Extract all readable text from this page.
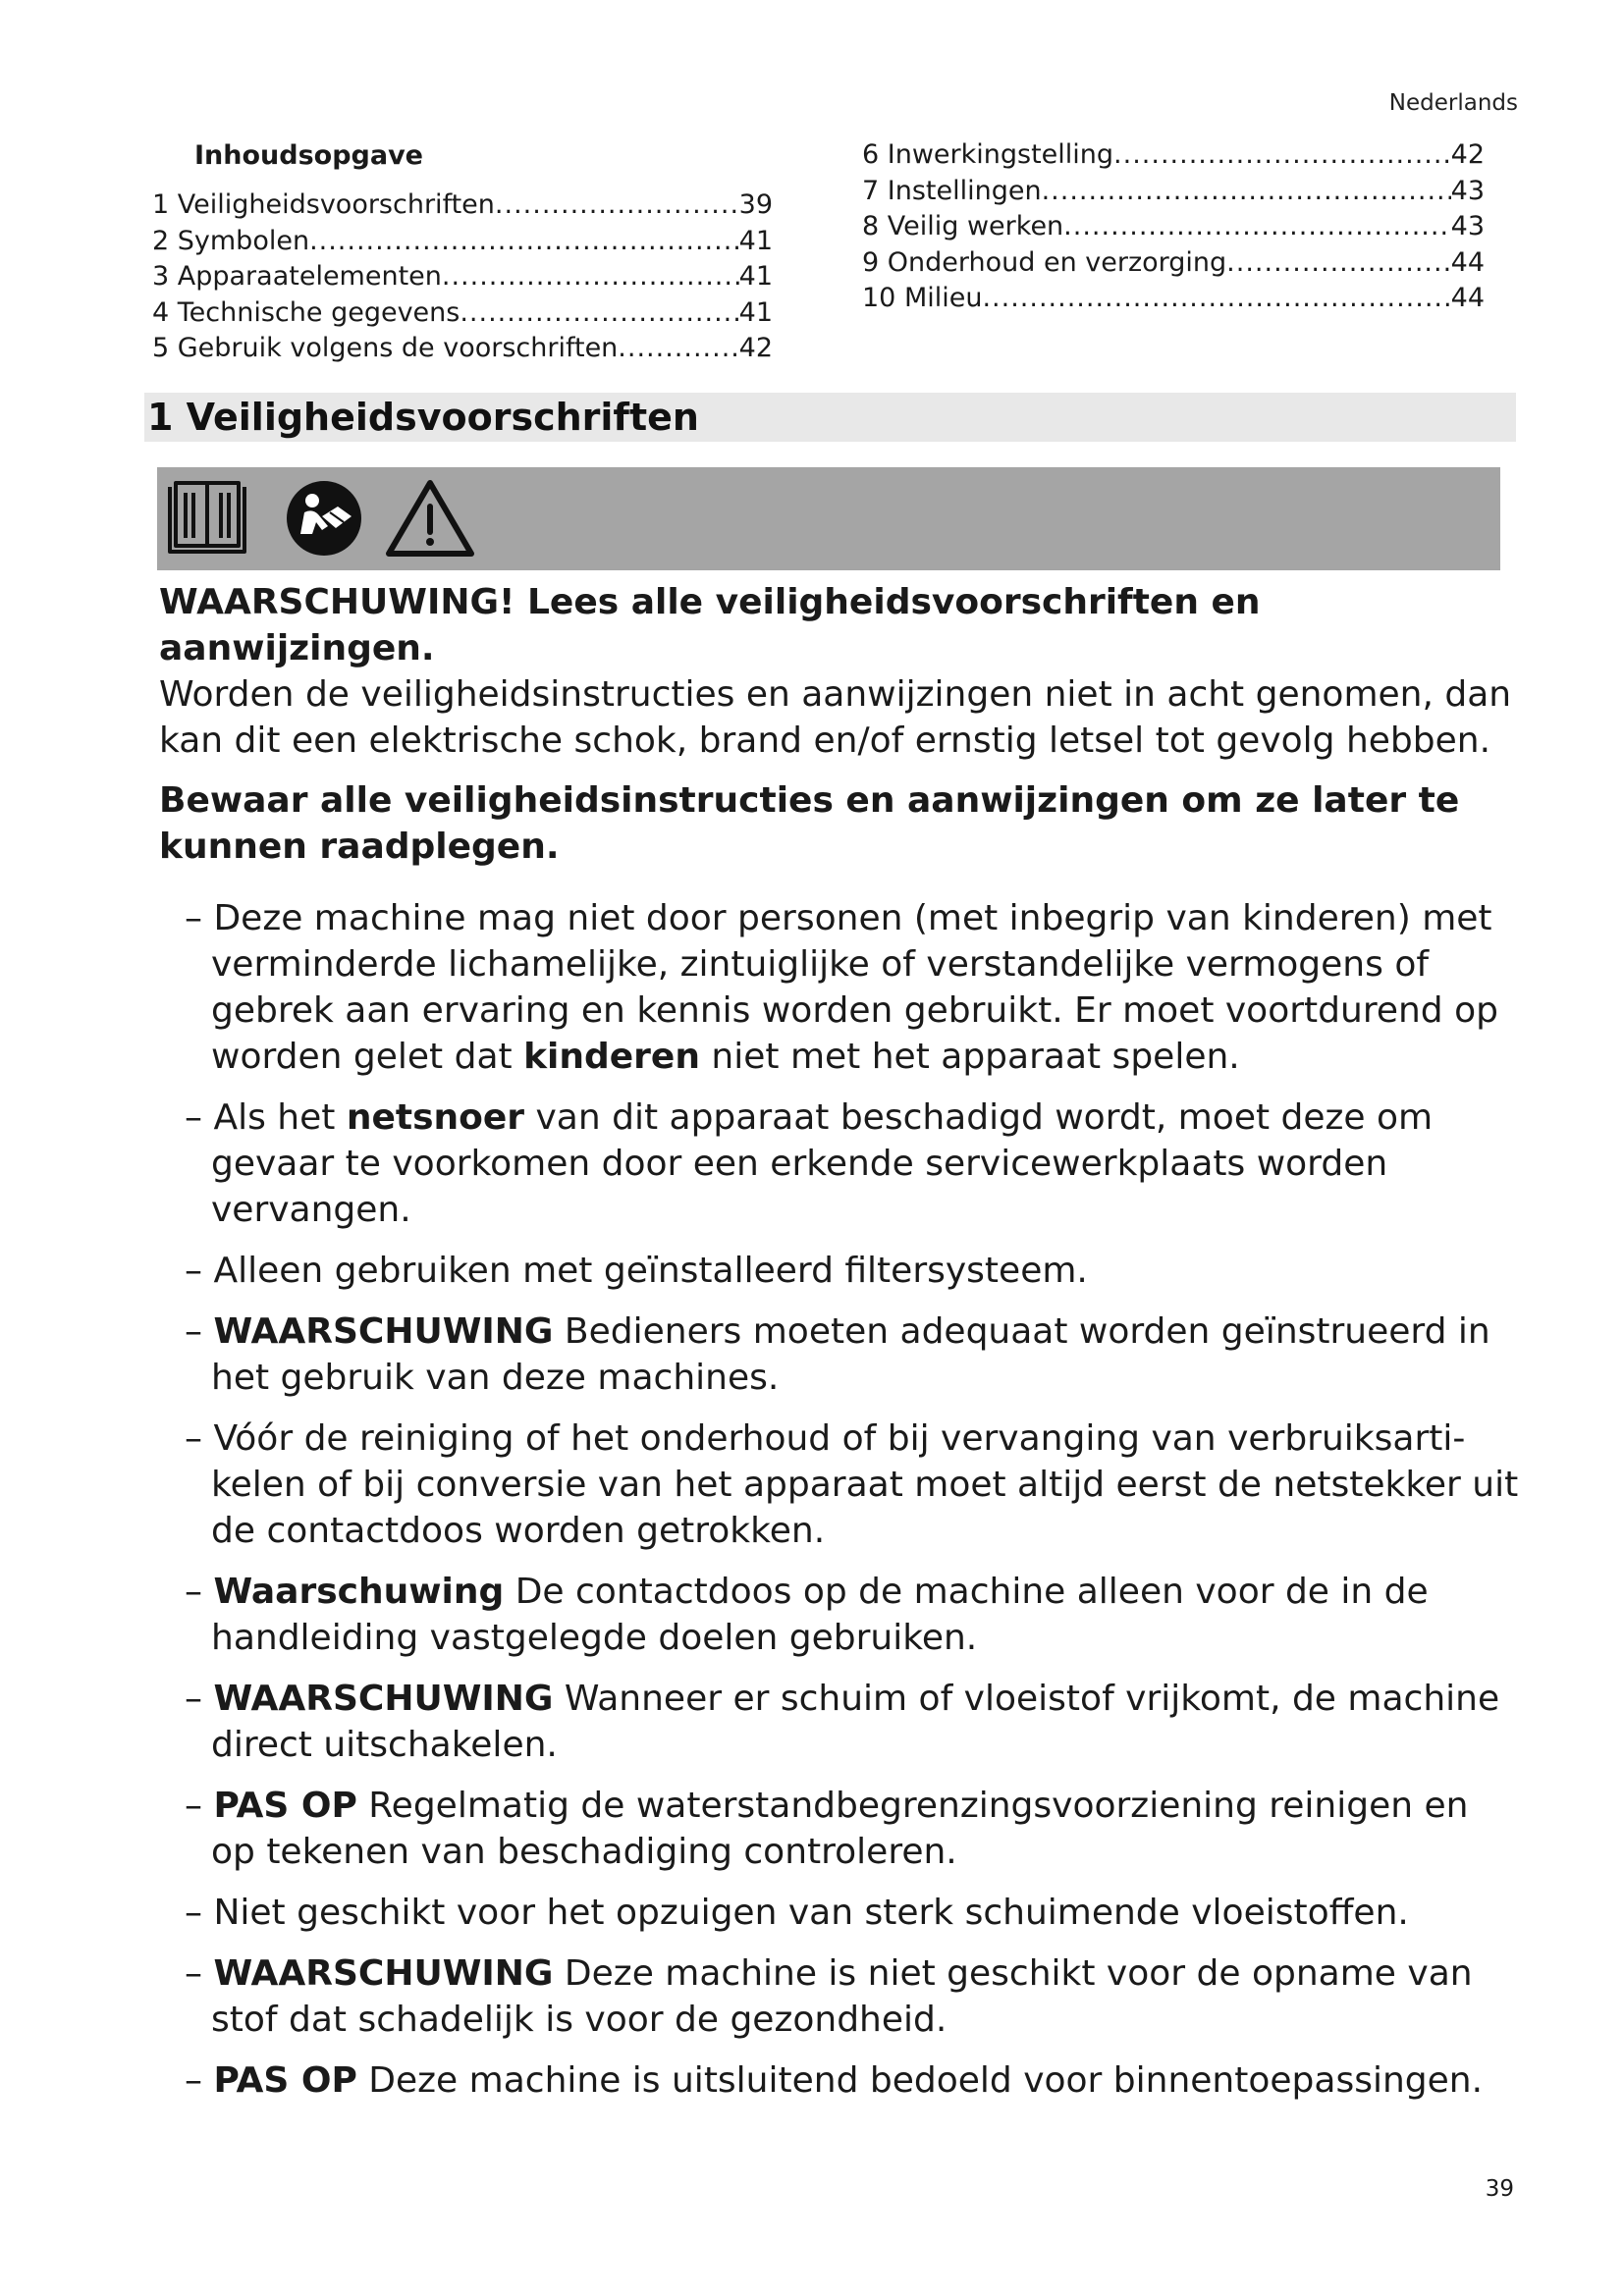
Nederlands
Inhoudsopgave
1 Veiligheidsvoorschriften .....	39
2 Symbolen .....	41
3 Apparaatelementen .....	41
4 Technische gegevens .....	41
5 Gebruik volgens de voorschriften .....	42
6 Inwerkingstelling .....	42
7 Instellingen .....	43
8 Veilig werken .....	43
9 Onderhoud en verzorging .....	44
10 Milieu .....	44
1 Veiligheidsvoorschriften

WAARSCHUWING! Lees alle veiligheidsvoorschriften en aanwijzingen.
Worden de veiligheidsinstructies en aanwijzingen niet in acht genomen, dan kan dit een elektrische schok, brand en/of ernstig letsel tot gevolg hebben.

Bewaar alle veiligheidsinstructies en aanwijzingen om ze later te kunnen raadplegen.

– Deze machine mag niet door personen (met inbegrip van kinderen) met verminderde lichamelijke, zintuiglijke of verstandelijke vermogens of gebrek aan ervaring en kennis worden gebruikt. Er moet voortdurend op worden gelet dat kinderen niet met het apparaat spelen.
– Als het netsnoer van dit apparaat beschadigd wordt, moet deze om gevaar te voorkomen door een erkende servicewerkplaats worden vervangen.
– Alleen gebruiken met geïnstalleerd filtersysteem.
– WAARSCHUWING Bedieners moeten adequaat worden geïnstrueerd in het gebruik van deze machines.
– Vóór de reiniging of het onderhoud of bij vervanging van verbruiksarti-kelen of bij conversie van het apparaat moet altijd eerst de netstekker uit de contactdoos worden getrokken.
– Waarschuwing De contactdoos op de machine alleen voor de in de handleiding vastgelegde doelen gebruiken.
– WAARSCHUWING Wanneer er schuim of vloeistof vrijkomt, de machine direct uitschakelen.
– PAS OP Regelmatig de waterstandbegrenzingsvoorziening reinigen en op tekenen van beschadiging controleren.
– Niet geschikt voor het opzuigen van sterk schuimende vloeistoffen.
– WAARSCHUWING Deze machine is niet geschikt voor de opname van stof dat schadelijk is voor de gezondheid.
– PAS OP Deze machine is uitsluitend bedoeld voor binnentoepassingen.
39
